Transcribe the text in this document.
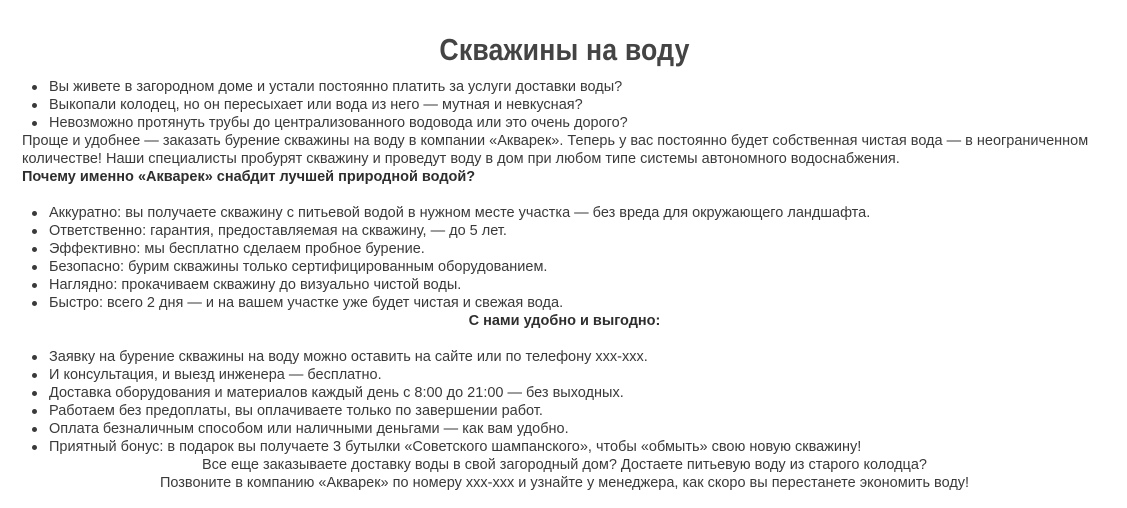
Скважины на воду
Вы живете в загородном доме и устали постоянно платить за услуги доставки воды?
Выкопали колодец, но он пересыхает или вода из него — мутная и невкусная?
Невозможно протянуть трубы до централизованного водовода или это очень дорого?

Проще и удобнее — заказать бурение скважины на воду в компании «Акварек». Теперь у вас постоянно будет собственная чистая вода — в неограниченном количестве! Наши специалисты пробурят скважину и проведут воду в дом при любом типе системы автономного водоснабжения.

Почему именно «Акварек» снабдит лучшей природной водой?

Аккуратно: вы получаете скважину с питьевой водой в нужном месте участка — без вреда для окружающего ландшафта.
Ответственно: гарантия, предоставляемая на скважину, — до 5 лет.
Эффективно: мы бесплатно сделаем пробное бурение.
Безопасно: бурим скважины только сертифицированным оборудованием.
Наглядно: прокачиваем скважину до визуально чистой воды.
Быстро: всего 2 дня — и на вашем участке уже будет чистая и свежая вода.

С нами удобно и выгодно:

Заявку на бурение скважины на воду можно оставить на сайте или по телефону ххх-ххх.
И консультация, и выезд инженера — бесплатно.
Доставка оборудования и материалов каждый день с 8:00 до 21:00 — без выходных.
Работаем без предоплаты, вы оплачиваете только по завершении работ.
Оплата безналичным способом или наличными деньгами — как вам удобно.
Приятный бонус: в подарок вы получаете 3 бутылки «Советского шампанского», чтобы «обмыть» свою новую скважину!

Все еще заказываете доставку воды в свой загородный дом? Достаете питьевую воду из старого колодца?

Позвоните в компанию «Акварек» по номеру ххх-ххх и узнайте у менеджера, как скоро вы перестанете экономить воду!
